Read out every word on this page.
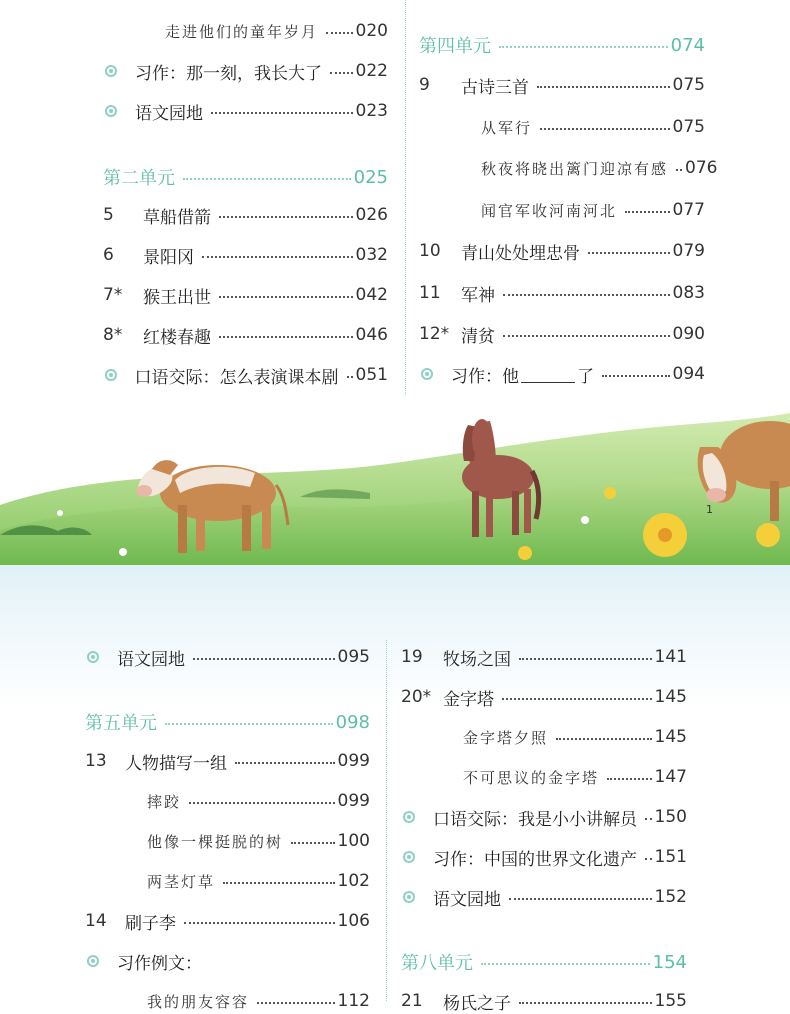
走进他们的童年岁月 020
习作：那一刻，我长大了 022
语文园地	023
第二单元	025
5	草船借箭	026
6	景阳冈	032
7*	猴王出世	042
8*	红楼春趣	046
口语交际：怎么表演课本剧 051
第四单元	074
9	古诗三首	075
从军行	075
秋夜将晓出篱门迎凉有感 076
闻官军收河南河北	077
10	青山处处埋忠骨	079
11	军神	083
12* 清贫	090
习作：他	了	094
语文园地	095
第五单元	098
13	人物描写一组	099
摔跤	099
他像一棵挺脱的树	100
两茎灯草	102
14	刷子李	106
习作例文：
我的朋友容容	112
19	牧场之国	141
20* 金字塔	145
金字塔夕照	145
不可思议的金字塔	147
口语交际：我是小小讲解员 150
习作：中国的世界文化遗产 151
语文园地	152
第八单元	154
21	杨氏之子	155
1
